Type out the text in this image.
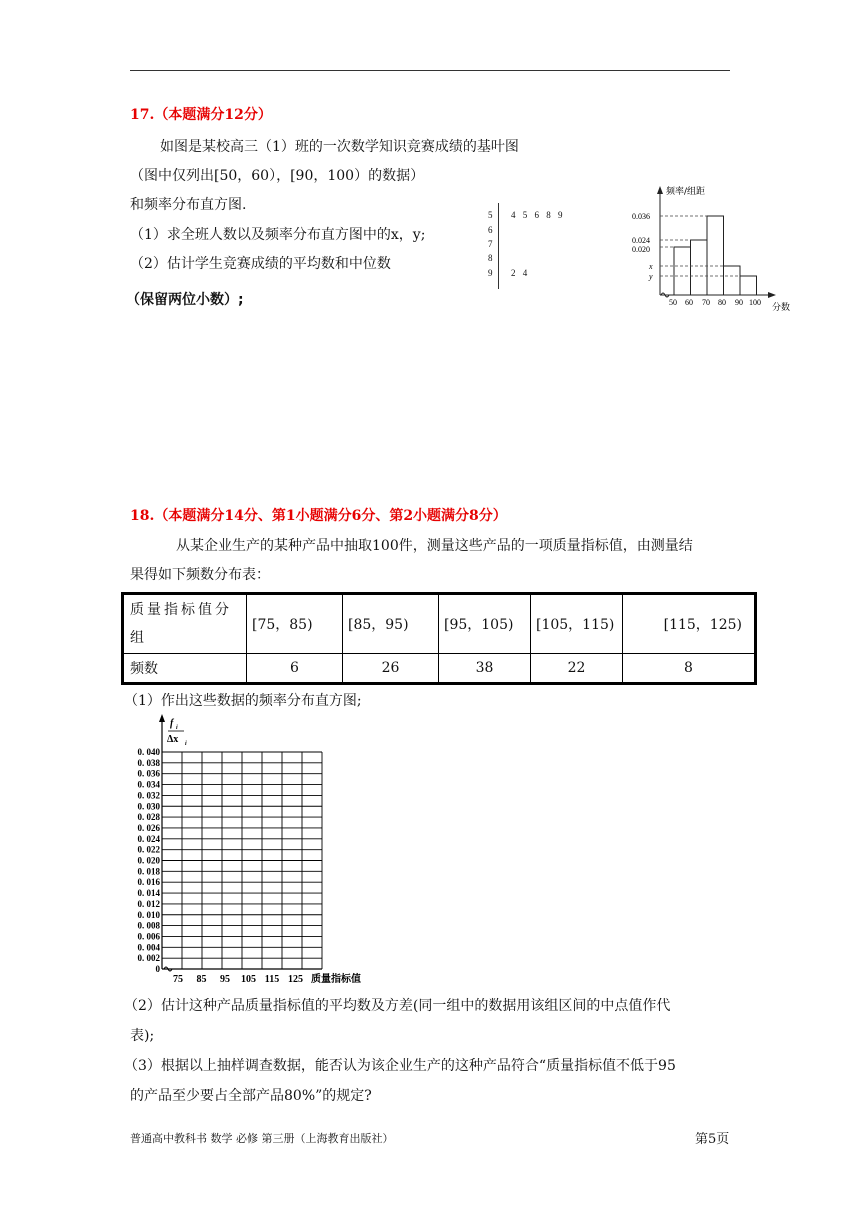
17.（本题满分12分）
如图是某校高三（1）班的一次数学知识竞赛成绩的基叶图
（图中仅列出[50，60），[90，100）的数据）
和频率分布直方图.
（1）求全班人数以及频率分布直方图中的x，y;
（2）估计学生竞赛成绩的平均数和中位数
（保留两位小数）;
5 4 5 6 8 9
6
7
8
9 2 4
频率/组距
0.036
0.024
0.020
x
y
50 60 70 80 90 100
分数
18.（本题满分14分、第1小题满分6分、第2小题满分8分）
从某企业生产的某种产品中抽取100件，测量这些产品的一项质量指标值，由测量结
果得如下频数分布表：
质量指标值分
组	[75，85)	[85，95)	[95，105)	[105，115)	[115，125)
频数	6	26	38	22	8
（1）作出这些数据的频率分布直方图;
f i
Δx i
0. 040
0. 038
0. 036
0. 034
0. 032
0. 030
0. 028
0. 026
0. 024
0. 022
0. 020
0. 018
0. 016
0. 014
0. 012
0. 010
0. 008
0. 006
0. 004
0. 002
0
75 85 95 105 115 125 质量指标值
（2）估计这种产品质量指标值的平均数及方差(同一组中的数据用该组区间的中点值作代
表);
（3）根据以上抽样调查数据，能否认为该企业生产的这种产品符合“质量指标值不低于95
的产品至少要占全部产品80%”的规定?
普通高中教科书 数学 必修 第三册（上海教育出版社）	第5页
